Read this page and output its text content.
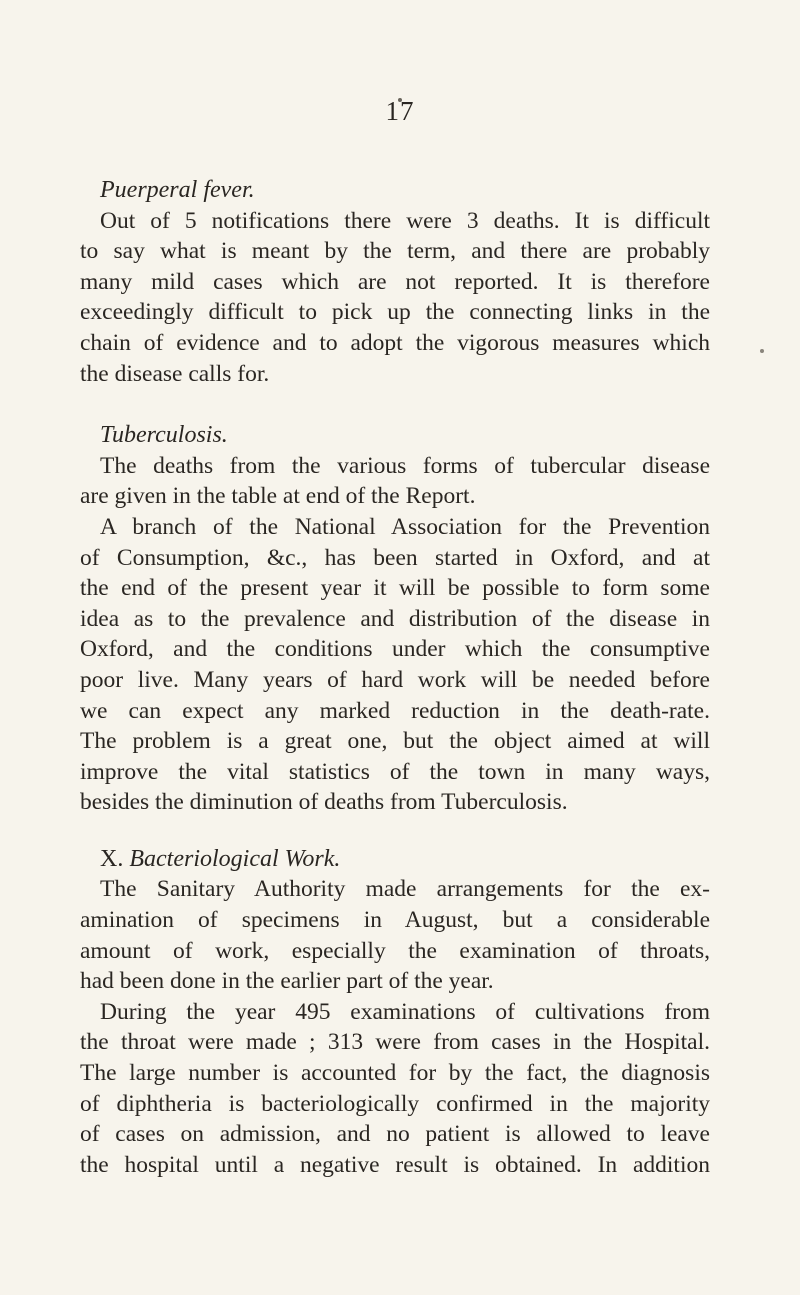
17
Puerperal fever.
Out of 5 notifications there were 3 deaths. It is difficult
to say what is meant by the term, and there are probably
many mild cases which are not reported. It is therefore
exceedingly difficult to pick up the connecting links in the
chain of evidence and to adopt the vigorous measures which
the disease calls for.
Tuberculosis.
The deaths from the various forms of tubercular disease
are given in the table at end of the Report.
A branch of the National Association for the Prevention
of Consumption, &c., has been started in Oxford, and at
the end of the present year it will be possible to form some
idea as to the prevalence and distribution of the disease in
Oxford, and the conditions under which the consumptive
poor live. Many years of hard work will be needed before
we can expect any marked reduction in the death-rate.
The problem is a great one, but the object aimed at will
improve the vital statistics of the town in many ways,
besides the diminution of deaths from Tuberculosis.
X. Bacteriological Work.
The Sanitary Authority made arrangements for the ex-
amination of specimens in August, but a considerable
amount of work, especially the examination of throats,
had been done in the earlier part of the year.
During the year 495 examinations of cultivations from
the throat were made ; 313 were from cases in the Hospital.
The large number is accounted for by the fact, the diagnosis
of diphtheria is bacteriologically confirmed in the majority
of cases on admission, and no patient is allowed to leave
the hospital until a negative result is obtained. In addition
